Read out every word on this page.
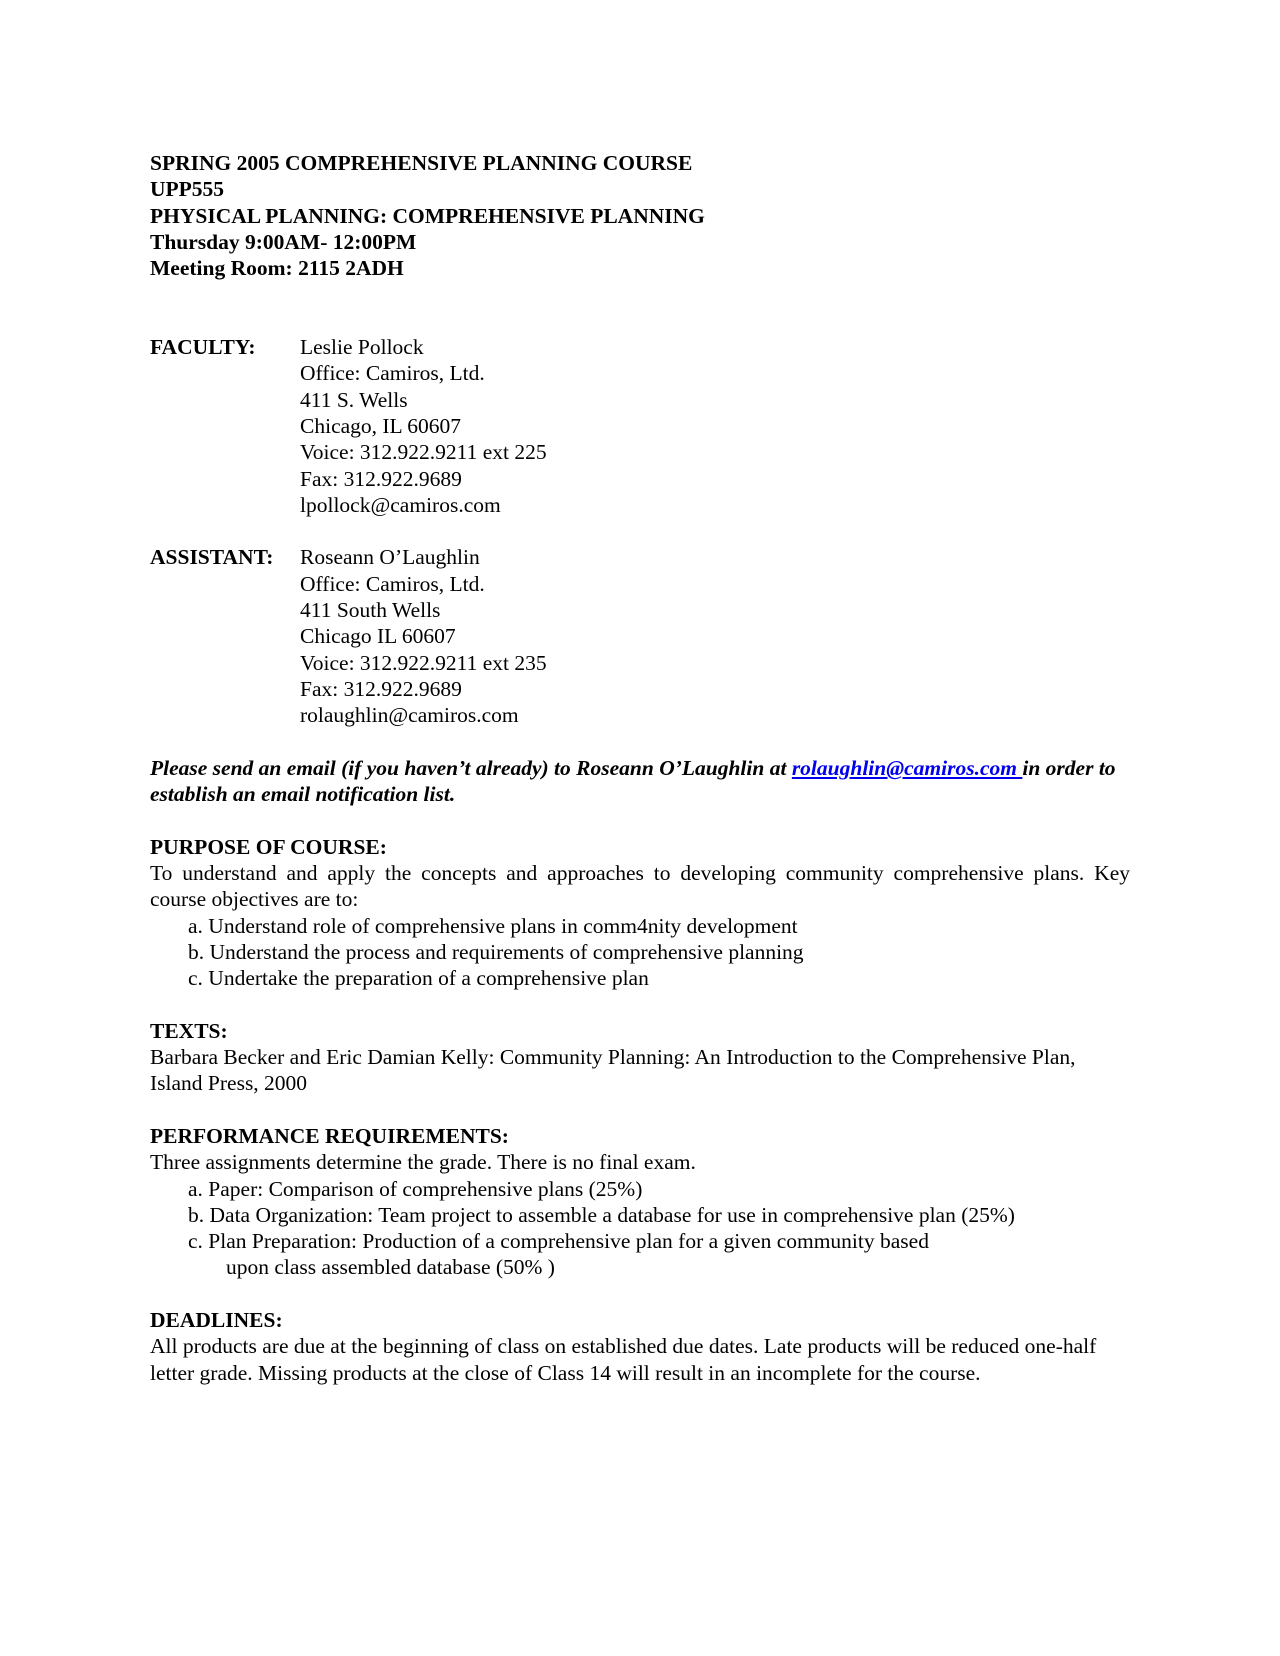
SPRING 2005 COMPREHENSIVE PLANNING COURSE
UPP555
PHYSICAL PLANNING: COMPREHENSIVE PLANNING
Thursday 9:00AM- 12:00PM
Meeting Room: 2115 2ADH
FACULTY:	Leslie Pollock
Office: Camiros, Ltd.
411 S. Wells
Chicago, IL 60607
Voice: 312.922.9211 ext 225
Fax: 312.922.9689
lpollock@camiros.com
ASSISTANT:	Roseann O’Laughlin
Office: Camiros, Ltd.
411 South Wells
Chicago IL 60607
Voice: 312.922.9211 ext 235
Fax: 312.922.9689
rolaughlin@camiros.com
Please send an email (if you haven’t already) to Roseann O’Laughlin at rolaughlin@camiros.com in order to establish an email notification list.
PURPOSE OF COURSE:
To understand and apply the concepts and approaches to developing community comprehensive plans. Key course objectives are to:
a. Understand role of comprehensive plans in comm4nity development
b. Understand the process and requirements of comprehensive planning
c. Undertake the preparation of a comprehensive plan
TEXTS:
Barbara Becker and Eric Damian Kelly: Community Planning: An Introduction to the Comprehensive Plan, Island Press, 2000
PERFORMANCE REQUIREMENTS:
Three assignments determine the grade. There is no final exam.
a. Paper: Comparison of comprehensive plans (25%)
b. Data Organization: Team project to assemble a database for use in comprehensive plan (25%)
c. Plan Preparation: Production of a comprehensive plan for a given community based
upon class assembled database (50% )
DEADLINES:
All products are due at the beginning of class on established due dates. Late products will be reduced one-half letter grade. Missing products at the close of Class 14 will result in an incomplete for the course.
